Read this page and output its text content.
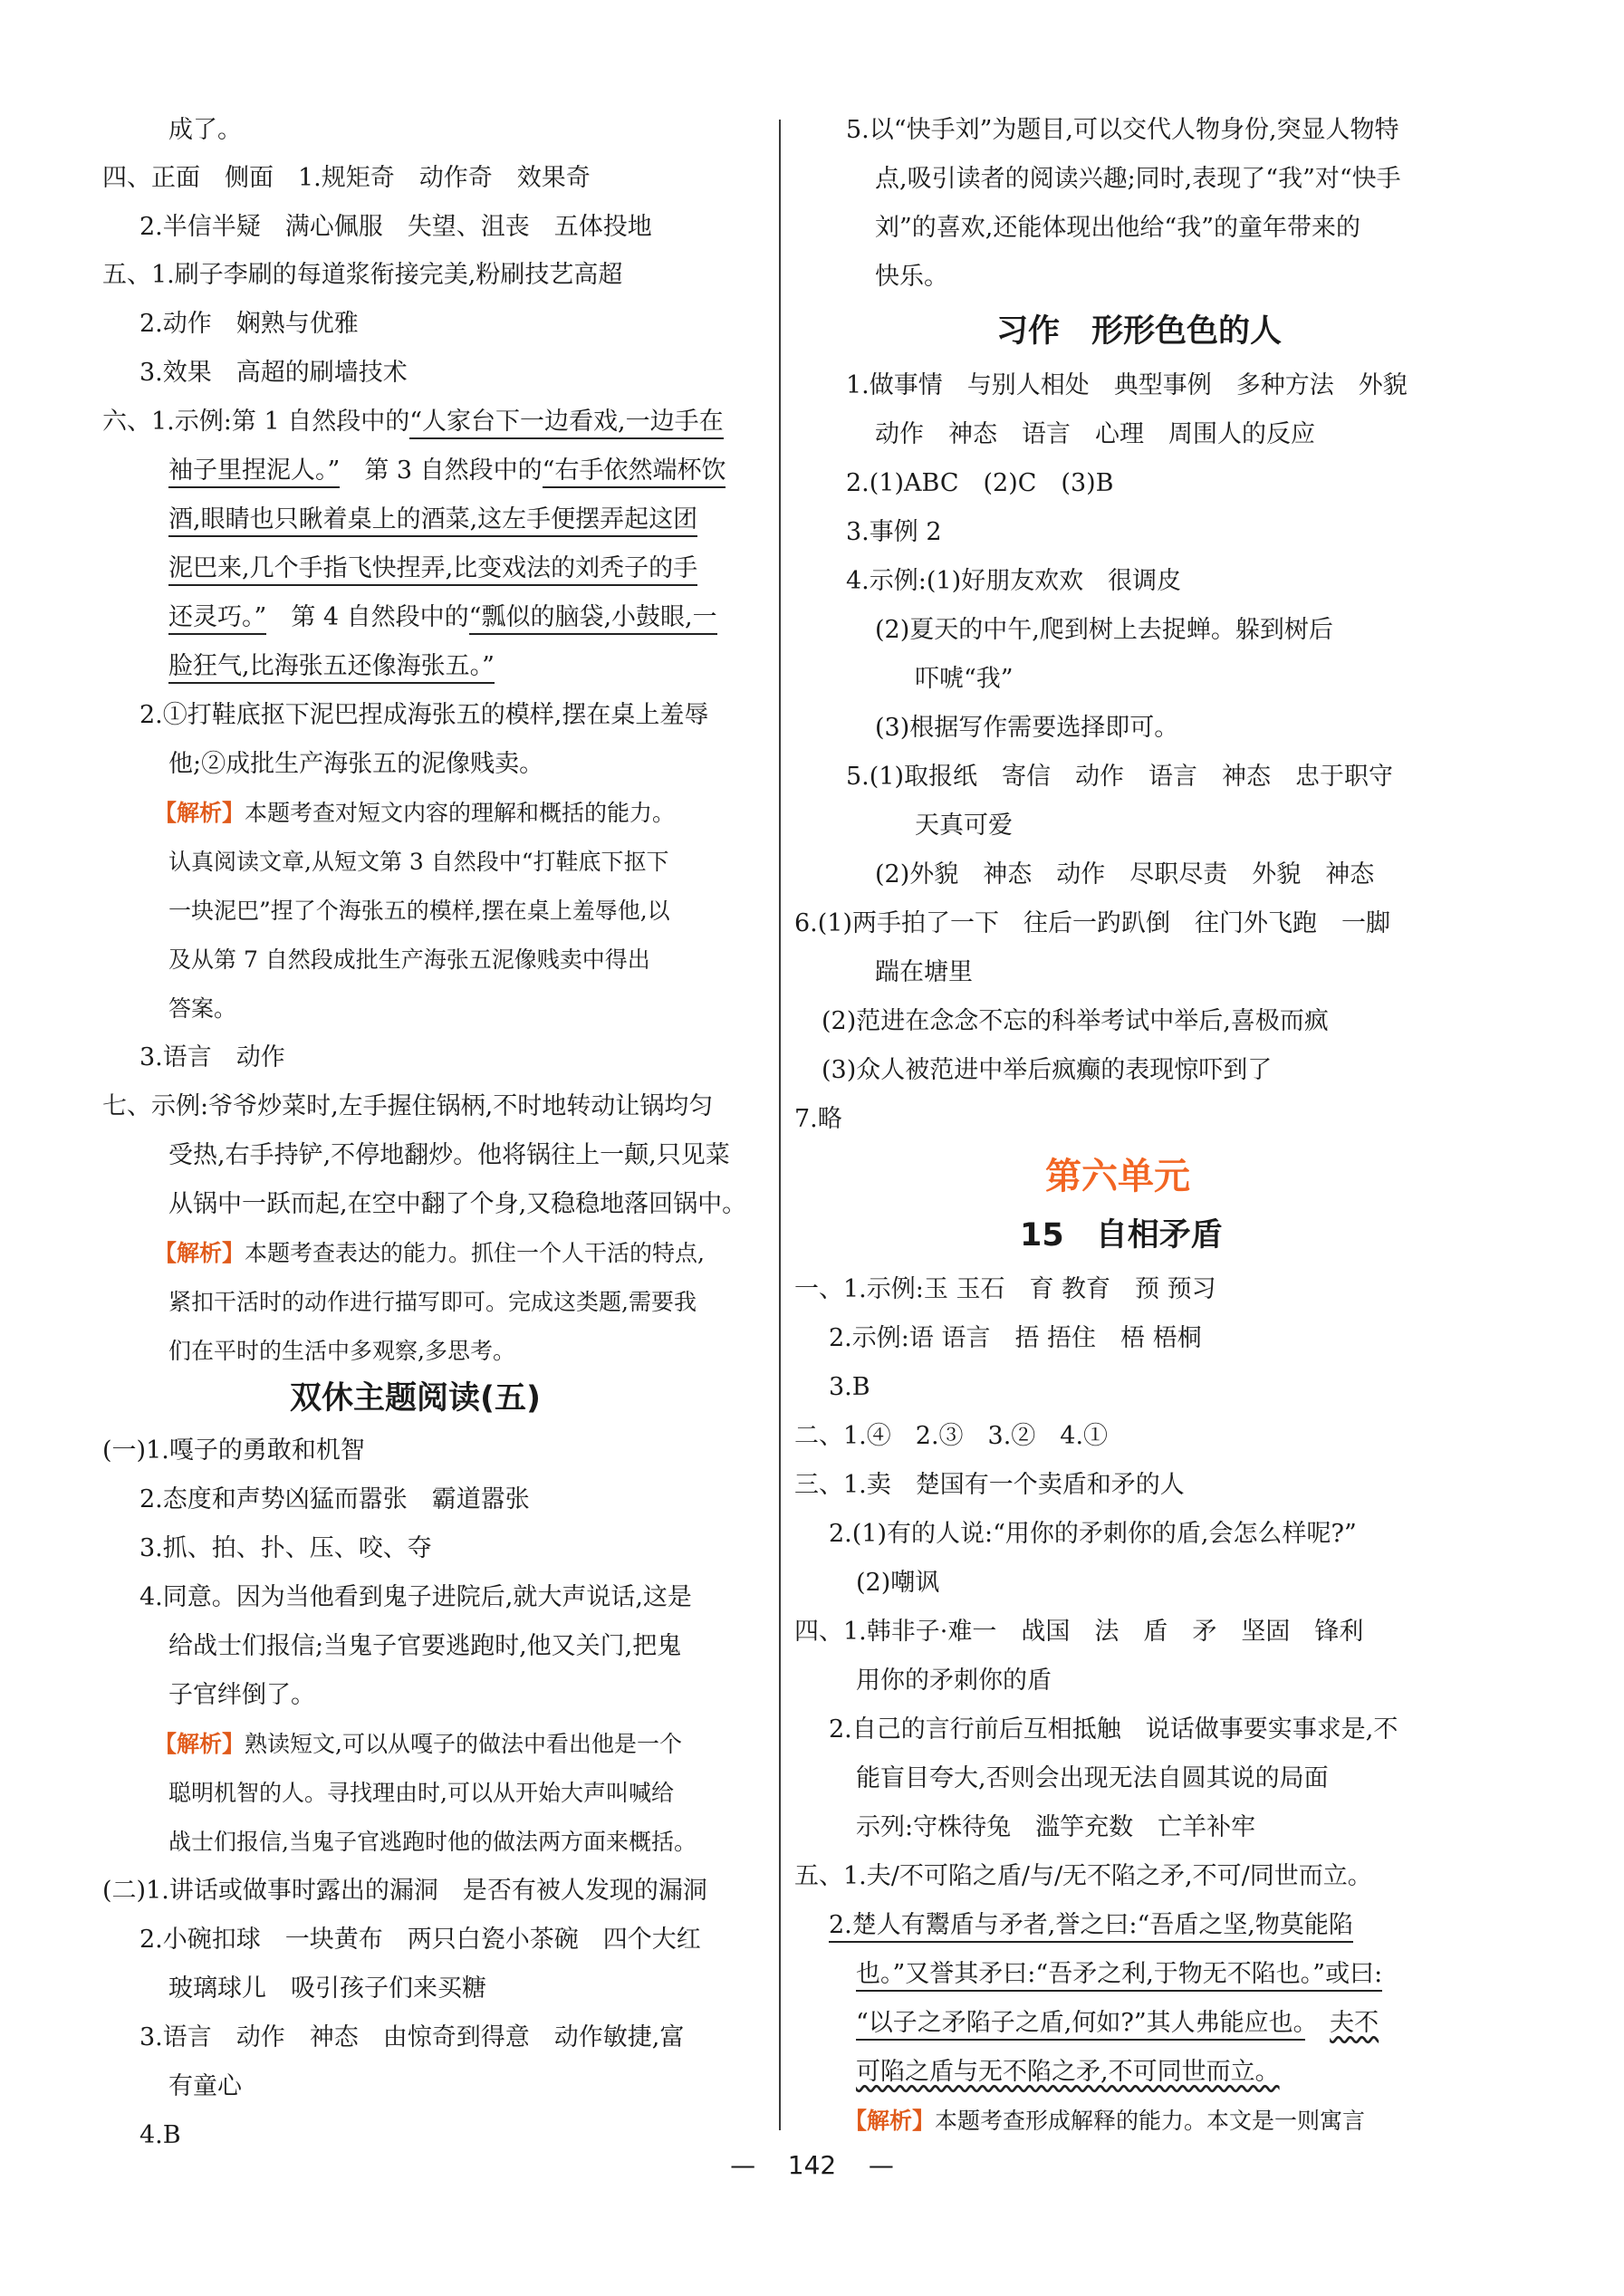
成了。
四、正面　侧面　1.规矩奇　动作奇　效果奇
2.半信半疑　满心佩服　失望、沮丧　五体投地
五、1.刷子李刷的每道浆衔接完美,粉刷技艺高超
2.动作　娴熟与优雅
3.效果　高超的刷墙技术
六、1.示例:第 1 自然段中的“人家台下一边看戏,一边手在
袖子里捏泥人。”　 第 3 自然段中的“右手依然端杯饮
酒,眼睛也只瞅着桌上的酒菜,这左手便摆弄起这团
泥巴来,几个手指飞快捏弄,比变戏法的刘秃子的手
还灵巧。”　 第 4 自然段中的“瓢似的脑袋,小鼓眼,一
脸狂气,比海张五还像海张五。”
2.①打鞋底抠下泥巴捏成海张五的模样,摆在桌上羞辱
他;②成批生产海张五的泥像贱卖。
【解析】本题考查对短文内容的理解和概括的能力。
认真阅读文章,从短文第 3 自然段中“打鞋底下抠下
一块泥巴”捏了个海张五的模样,摆在桌上羞辱他,以
及从第 7 自然段成批生产海张五泥像贱卖中得出
答案。
3.语言　动作
七、示例:爷爷炒菜时,左手握住锅柄,不时地转动让锅均匀
受热,右手持铲,不停地翻炒。他将锅往上一颠,只见菜
从锅中一跃而起,在空中翻了个身,又稳稳地落回锅中。
【解析】本题考查表达的能力。抓住一个人干活的特点,
紧扣干活时的动作进行描写即可。完成这类题,需要我
们在平时的生活中多观察,多思考。
双休主题阅读(五)
(一)1.嘎子的勇敢和机智
2.态度和声势凶猛而嚣张　霸道嚣张
3.抓、拍、扑、压、咬、夺
4.同意。因为当他看到鬼子进院后,就大声说话,这是
给战士们报信;当鬼子官要逃跑时,他又关门,把鬼
子官绊倒了。
【解析】熟读短文,可以从嘎子的做法中看出他是一个
聪明机智的人。寻找理由时,可以从开始大声叫喊给
战士们报信,当鬼子官逃跑时他的做法两方面来概括。
(二)1.讲话或做事时露出的漏洞　是否有被人发现的漏洞
2.小碗扣球　一块黄布　两只白瓷小茶碗　四个大红
玻璃球儿　吸引孩子们来买糖
3.语言　动作　神态　由惊奇到得意　动作敏捷,富
有童心
4.B
5.以“快手刘”为题目,可以交代人物身份,突显人物特
点,吸引读者的阅读兴趣;同时,表现了“我”对“快手
刘”的喜欢,还能体现出他给“我”的童年带来的
快乐。
习作　形形色色的人
1.做事情　与别人相处　典型事例　多种方法　外貌
动作　神态　语言　心理　周围人的反应
2.(1)ABC　(2)C　(3)B
3.事例 2
4.示例:(1)好朋友欢欢　很调皮
(2)夏天的中午,爬到树上去捉蝉。躲到树后
吓唬“我”
(3)根据写作需要选择即可。
5.(1)取报纸　寄信　动作　语言　神态　忠于职守
天真可爱
(2)外貌　神态　动作　尽职尽责　外貌　神态
6.(1)两手拍了一下　往后一趵趴倒　往门外飞跑　一脚
踹在塘里
(2)范进在念念不忘的科举考试中举后,喜极而疯
(3)众人被范进中举后疯癫的表现惊吓到了
7.略
第六单元
15　自相矛盾
一、1.示例:玉 玉石　育 教育　预 预习
2.示例:语 语言　捂 捂住　梧 梧桐
3.B
二、1.④　2.③　3.②　4.①
三、1.卖　楚国有一个卖盾和矛的人
2.(1)有的人说:“用你的矛刺你的盾,会怎么样呢?”
(2)嘲讽
四、1.韩非子·难一　战国　法　盾　矛　坚固　锋利
用你的矛刺你的盾
2.自己的言行前后互相抵触　说话做事要实事求是,不
能盲目夸大,否则会出现无法自圆其说的局面
示列:守株待兔　滥竽充数　亡羊补牢
五、1.夫/不可陷之盾/与/无不陷之矛,不可/同世而立。
2.楚人有鬻盾与矛者,誉之曰:“吾盾之坚,物莫能陷
也。”又誉其矛曰:“吾矛之利,于物无不陷也。”或曰:
“以子之矛陷子之盾,何如?”其人弗能应也。　 夫不
可陷之盾与无不陷之矛,不可同世而立。
【解析】本题考查形成解释的能力。本文是一则寓言
— 142 —
